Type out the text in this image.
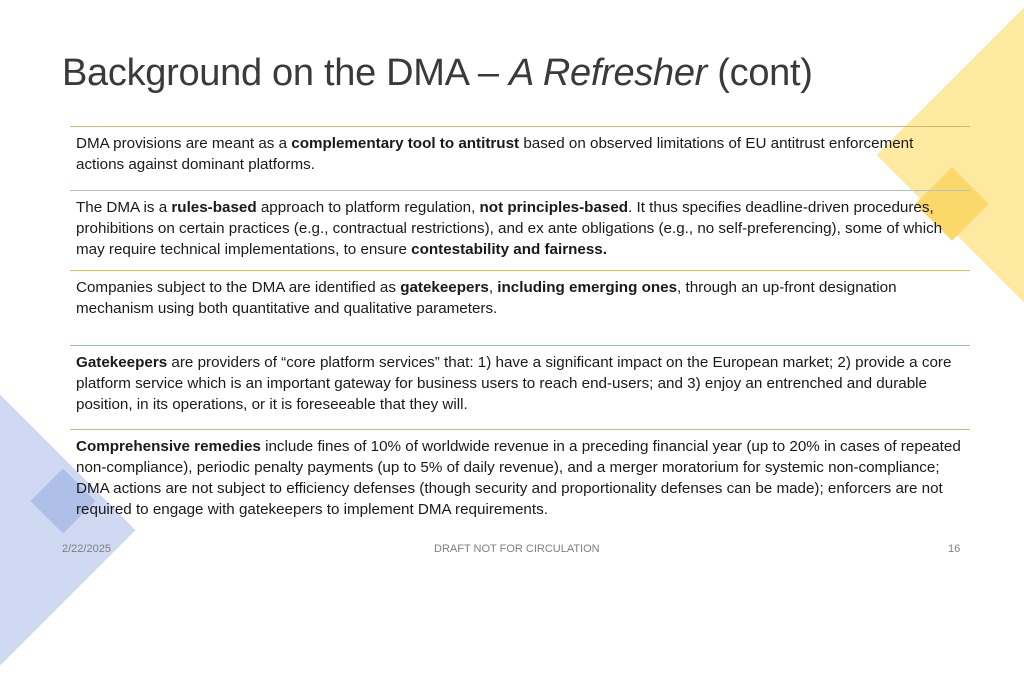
Background on the DMA – A Refresher (cont)
DMA provisions are meant as a complementary tool to antitrust based on observed limitations of EU antitrust enforcement actions against dominant platforms.
The DMA is a rules-based approach to platform regulation, not principles-based. It thus specifies deadline-driven procedures, prohibitions on certain practices (e.g., contractual restrictions), and ex ante obligations (e.g., no self-preferencing), some of which may require technical implementations, to ensure contestability and fairness.
Companies subject to the DMA are identified as gatekeepers, including emerging ones, through an up-front designation mechanism using both quantitative and qualitative parameters.
Gatekeepers are providers of “core platform services” that: 1) have a significant impact on the European market; 2) provide a core platform service which is an important gateway for business users to reach end-users; and 3) enjoy an entrenched and durable position, in its operations, or it is foreseeable that they will.
Comprehensive remedies include fines of 10% of worldwide revenue in a preceding financial year (up to 20% in cases of repeated non-compliance), periodic penalty payments (up to 5% of daily revenue), and a merger moratorium for systemic non-compliance; DMA actions are not subject to efficiency defenses (though security and proportionality defenses can be made); enforcers are not required to engage with gatekeepers to implement DMA requirements.
2/22/2025	DRAFT NOT FOR CIRCULATION	16
